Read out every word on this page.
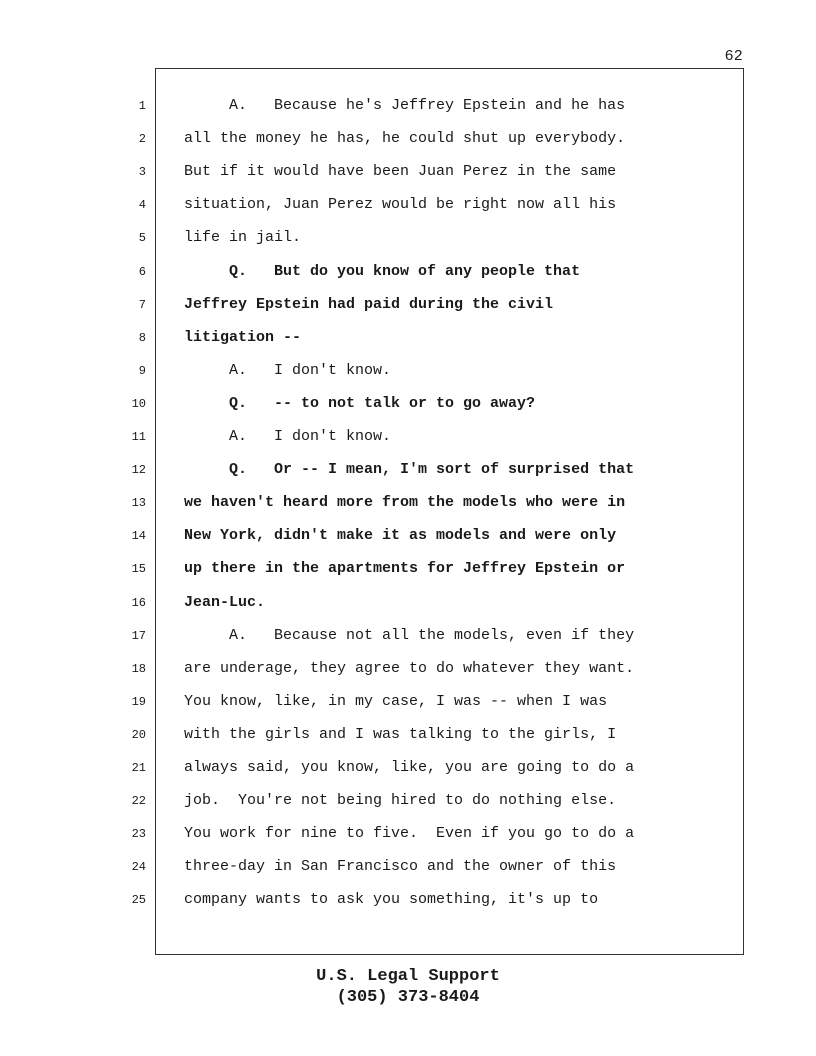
62
1	A.   Because he's Jeffrey Epstein and he has
2	all the money he has, he could shut up everybody.
3	But if it would have been Juan Perez in the same
4	situation, Juan Perez would be right now all his
5	life in jail.
6	Q.   But do you know of any people that
7	Jeffrey Epstein had paid during the civil
8	litigation --
9	A.   I don't know.
10	Q.   -- to not talk or to go away?
11	A.   I don't know.
12	Q.   Or -- I mean, I'm sort of surprised that
13	we haven't heard more from the models who were in
14	New York, didn't make it as models and were only
15	up there in the apartments for Jeffrey Epstein or
16	Jean-Luc.
17	A.   Because not all the models, even if they
18	are underage, they agree to do whatever they want.
19	You know, like, in my case, I was -- when I was
20	with the girls and I was talking to the girls, I
21	always said, you know, like, you are going to do a
22	job.  You're not being hired to do nothing else.
23	You work for nine to five.  Even if you go to do a
24	three-day in San Francisco and the owner of this
25	company wants to ask you something, it's up to
U.S. Legal Support
(305) 373-8404
